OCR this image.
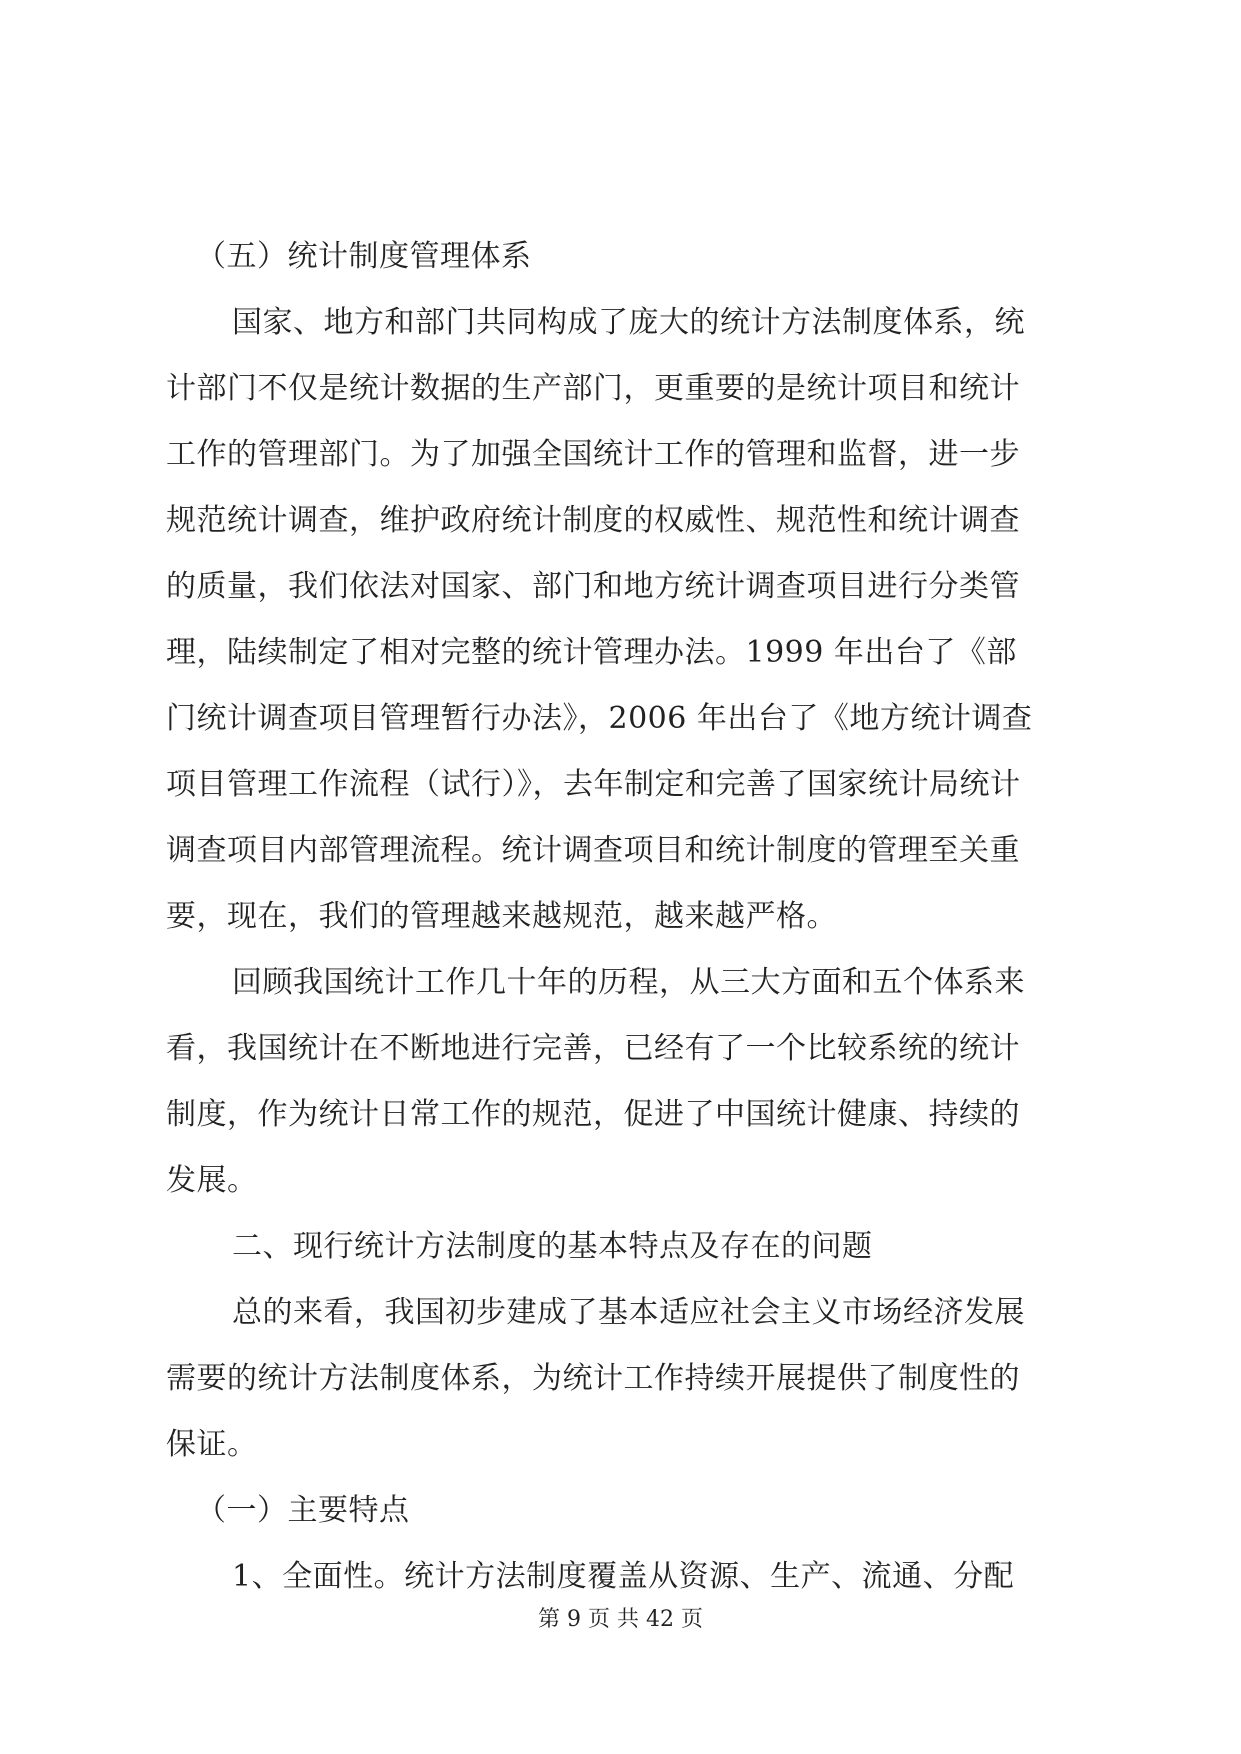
（五）统计制度管理体系
国家、地方和部门共同构成了庞大的统计方法制度体系，统
计部门不仅是统计数据的生产部门，更重要的是统计项目和统计
工作的管理部门。为了加强全国统计工作的管理和监督，进一步
规范统计调查，维护政府统计制度的权威性、规范性和统计调查
的质量，我们依法对国家、部门和地方统计调查项目进行分类管
理，陆续制定了相对完整的统计管理办法。1999 年出台了《部
门统计调查项目管理暂行办法》，2006 年出台了《地方统计调查
项目管理工作流程（试行）》，去年制定和完善了国家统计局统计
调查项目内部管理流程。统计调查项目和统计制度的管理至关重
要，现在，我们的管理越来越规范，越来越严格。
回顾我国统计工作几十年的历程，从三大方面和五个体系来
看，我国统计在不断地进行完善，已经有了一个比较系统的统计
制度，作为统计日常工作的规范，促进了中国统计健康、持续的
发展。
二、现行统计方法制度的基本特点及存在的问题
总的来看，我国初步建成了基本适应社会主义市场经济发展
需要的统计方法制度体系，为统计工作持续开展提供了制度性的
保证。
（一）主要特点
1、全面性。统计方法制度覆盖从资源、生产、流通、分配
第 9 页 共 42 页
